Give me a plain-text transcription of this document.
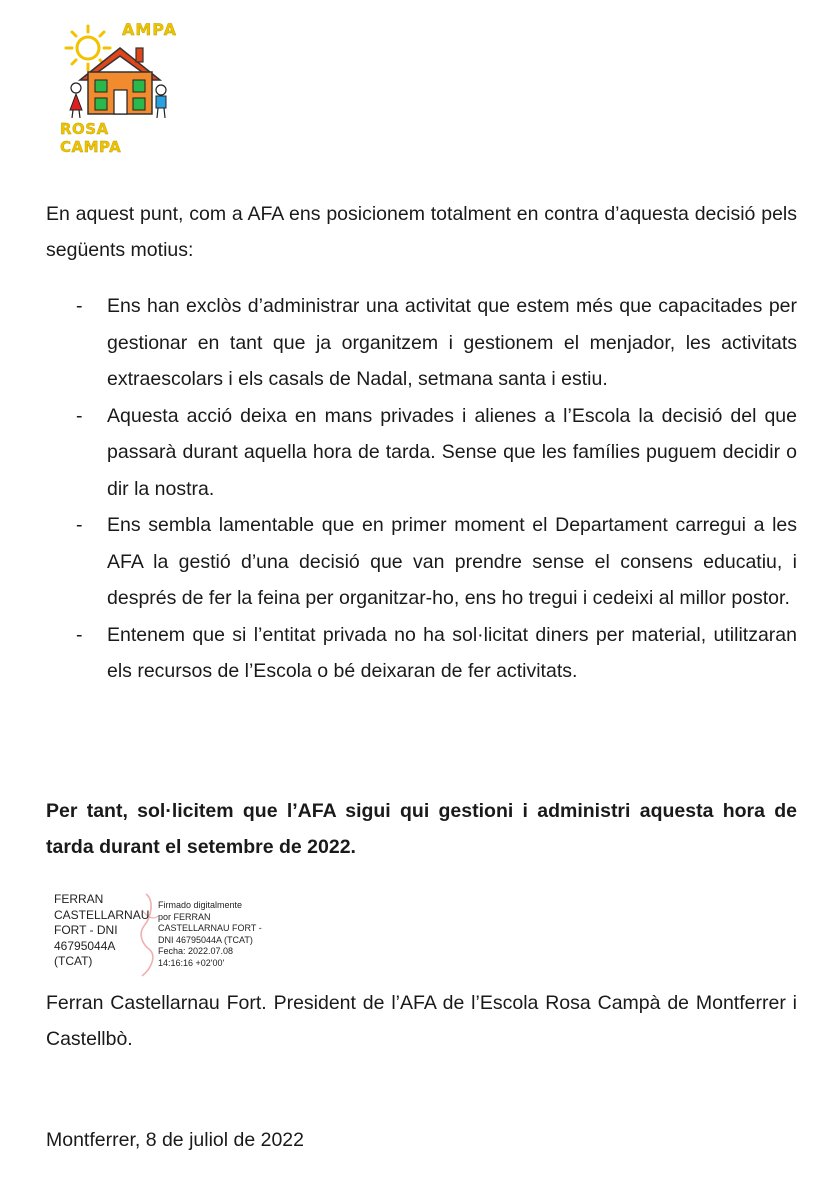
AMPA
ROSA CAMPA

En aquest punt, com a AFA ens posicionem totalment en contra d’aquesta decisió pels següents motius:

- Ens han exclòs d’administrar una activitat que estem més que capacitades per gestionar en tant que ja organitzem i gestionem el menjador, les activitats extraescolars i els casals de Nadal, setmana santa i estiu.
- Aquesta acció deixa en mans privades i alienes a l’Escola la decisió del que passarà durant aquella hora de tarda. Sense que les famílies puguem decidir o dir la nostra.
- Ens sembla lamentable que en primer moment el Departament carregui a les AFA la gestió d’una decisió que van prendre sense el consens educatiu, i després de fer la feina per organitzar-ho, ens ho tregui i cedeixi al millor postor.
- Entenem que si l’entitat privada no ha sol·licitat diners per material, utilitzaran els recursos de l’Escola o bé deixaran de fer activitats.

Per tant, sol·licitem que l’AFA sigui qui gestioni i administri aquesta hora de tarda durant el setembre de 2022.

FERRAN
CASTELLARNAU
FORT - DNI
46795044A
(TCAT)
Firmado digitalmente
por FERRAN
CASTELLARNAU FORT -
DNI 46795044A (TCAT)
Fecha: 2022.07.08
14:16:16 +02'00'

Ferran Castellarnau Fort. President de l’AFA de l’Escola Rosa Campà de Montferrer i Castellbò.

Montferrer, 8 de juliol de 2022
